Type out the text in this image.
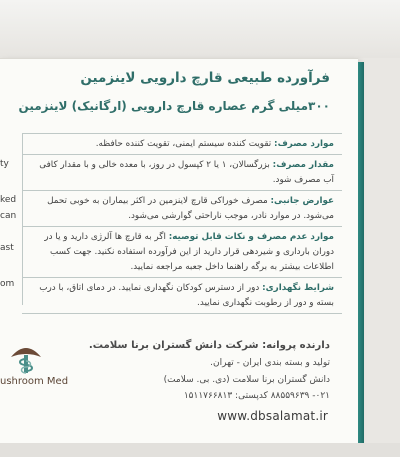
فرآورده طبیعی قارچ دارویی لاینزمین
۳۰۰میلی گرم عصاره قارچ دارویی (ارگانیک) لاینزمین
ty
ked
can
ast
om
موارد مصرف: تقویت کننده سیستم ایمنی، تقویت کننده حافظه.
مقدار مصرف: بزرگسالان، ۱ یا ۲ کپسول در روز، با معده خالی و با مقدار کافی آب مصرف شود.
عوارض جانبی: مصرف خوراکی قارچ لاینزمین در اکثر بیماران به خوبی تحمل می‌شود. در موارد نادر، موجب ناراحتی گوارشی می‌شود.
موارد عدم مصرف و نکات قابل توصیه: اگر به قارچ ها آلرژی دارید و یا در دوران بارداری و شیردهی قرار دارید از این فرآورده استفاده نکنید. جهت کسب اطلاعات بیشتر به برگه راهنما داخل جعبه مراجعه نمایید.
شرایط نگهداری: دور از دسترس کودکان نگهداری نمایید. در دمای اتاق، با درب بسته و دور از رطوبت نگهداری نمایید.
ushroom Med
دارنده پروانه: شرکت دانش گستران برنا سلامت.
تولید و بسته بندی ایران - تهران.
دانش گستران برنا سلامت (دی. بی. سلامت)
۰۲۱- ۸۸۵۵۹۶۳۹ کدپستی: ۱۵۱۱۷۶۶۸۱۳
www.dbsalamat.ir
